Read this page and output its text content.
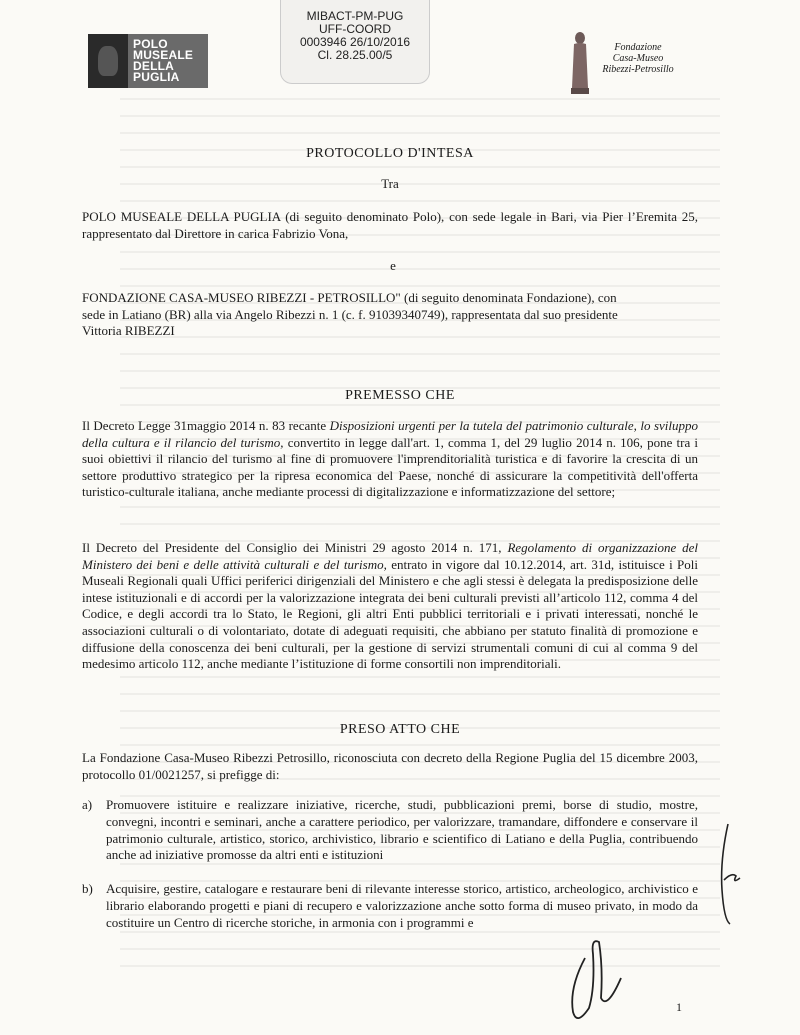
POLO
MUSEALE
DELLA
PUGLIA
MIBACT-PM-PUG
UFF-COORD
0003946 26/10/2016
Cl. 28.25.00/5
Fondazione
Casa-Museo
Ribezzi-Petrosillo
PROTOCOLLO D'INTESA
Tra
POLO MUSEALE DELLA PUGLIA (di seguito denominato Polo), con sede legale in Bari, via Pier l’Eremita 25, rappresentato dal Direttore in carica Fabrizio Vona,
e
FONDAZIONE CASA-MUSEO RIBEZZI - PETROSILLO" (di seguito denominata Fondazione), con
sede in Latiano (BR) alla via Angelo Ribezzi n. 1 (c. f. 91039340749), rappresentata dal suo presidente
Vittoria RIBEZZI
PREMESSO CHE
Il Decreto Legge 31maggio 2014 n. 83 recante Disposizioni urgenti per la tutela del patrimonio culturale, lo sviluppo della cultura e il rilancio del turismo, convertito in legge dall'art. 1, comma 1, del 29 luglio 2014 n. 106, pone tra i suoi obiettivi il rilancio del turismo al fine di promuovere l'imprenditorialità turistica e di favorire la crescita di un settore produttivo strategico per la ripresa economica del Paese, nonché di assicurare la competitività dell'offerta turistico-culturale italiana, anche mediante processi di digitalizzazione e informatizzazione del settore;
Il Decreto del Presidente del Consiglio dei Ministri 29 agosto 2014 n. 171, Regolamento di organizzazione del Ministero dei beni e delle attività culturali e del turismo, entrato in vigore dal 10.12.2014, art. 31d, istituisce i Poli Museali Regionali quali Uffici periferici dirigenziali del Ministero e che agli stessi è delegata la predisposizione delle intese istituzionali e di accordi per la valorizzazione integrata dei beni culturali previsti all’articolo 112, comma 4 del Codice, e degli accordi tra lo Stato, le Regioni, gli altri Enti pubblici territoriali e i privati interessati, nonché le associazioni culturali o di volontariato, dotate di adeguati requisiti, che abbiano per statuto finalità di promozione e diffusione della conoscenza dei beni culturali, per la gestione di servizi strumentali comuni di cui al comma 9 del medesimo articolo 112, anche mediante l’istituzione di forme consortili non imprenditoriali.
PRESO ATTO CHE
La Fondazione Casa-Museo Ribezzi Petrosillo, riconosciuta con decreto della Regione Puglia del 15 dicembre 2003, protocollo 01/0021257, si prefigge di:
a)	Promuovere istituire e realizzare iniziative, ricerche, studi, pubblicazioni premi, borse di studio, mostre, convegni, incontri e seminari, anche a carattere periodico, per valorizzare, tramandare, diffondere e conservare il patrimonio culturale, artistico, storico, archivistico, librario e scientifico di Latiano e della Puglia, contribuendo anche ad iniziative promosse da altri enti e istituzioni
b)	Acquisire, gestire, catalogare e restaurare beni di rilevante interesse storico, artistico, archeologico, archivistico e librario elaborando progetti e piani di recupero e valorizzazione anche sotto forma di museo privato, in modo da costituire un Centro di ricerche storiche, in armonia con i programmi e
1
